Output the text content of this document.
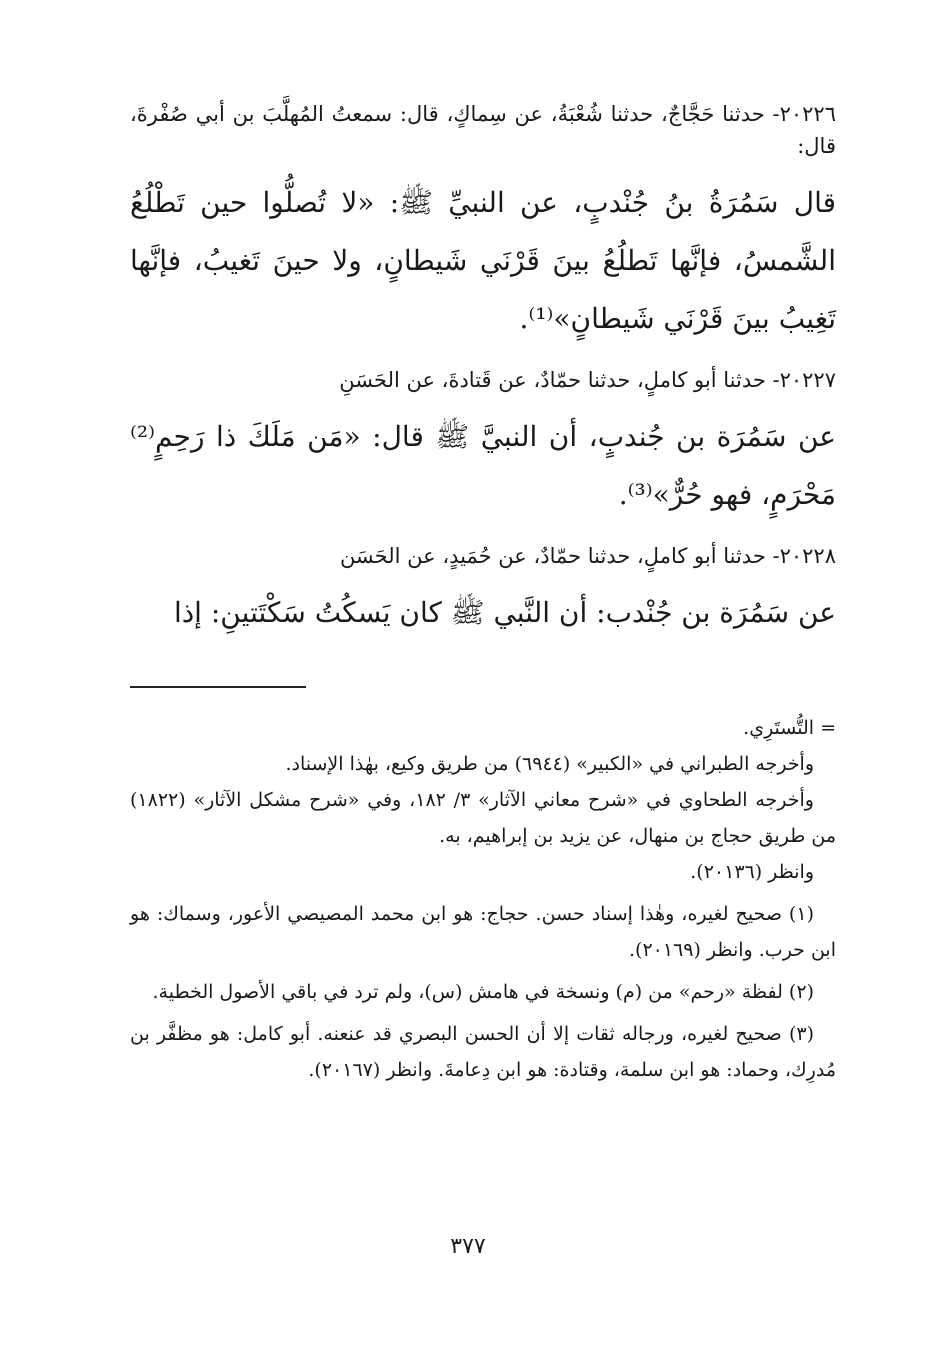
٢٠٢٢٦- حدثنا حَجَّاجٌ، حدثنا شُعْبَةُ، عن سِماكٍ، قال: سمعتُ المُهلَّبَ بن أبي صُفْرةَ، قال:

قال سَمُرَةُ بنُ جُنْدبٍ، عن النبيِّ ﷺ: «لا تُصلُّوا حين تَطْلُعُ الشَّمسُ، فإنَّها تَطلُعُ بينَ قَرْنَي شَيطانٍ، ولا حينَ تَغيبُ، فإنَّها تَغِيبُ بينَ قَرْنَي شَيطانٍ»⁽¹⁾.

٢٠٢٢٧- حدثنا أبو كاملٍ، حدثنا حمّادٌ، عن قَتادةَ، عن الحَسَنِ

عن سَمُرَة بن جُندبٍ، أن النبيَّ ﷺ قال: «مَن مَلَكَ ذا رَحِمٍ⁽²⁾ مَحْرَمٍ، فهو حُرٌّ»⁽³⁾.

٢٠٢٢٨- حدثنا أبو كاملٍ، حدثنا حمّادٌ، عن حُمَيدٍ، عن الحَسَن

عن سَمُرَة بن جُنْدب: أن النَّبي ﷺ كان يَسكُتُ سَكْتَتينِ: إذا

= التُّستَرِي.

وأخرجه الطبراني في «الكبير» (٦٩٤٤) من طريق وكيع، بهٰذا الإسناد.

وأخرجه الطحاوي في «شرح معاني الآثار» ٣/ ١٨٢، وفي «شرح مشكل الآثار» (١٨٢٢) من طريق حجاج بن منهال، عن يزيد بن إبراهيم، به.

وانظر (٢٠١٣٦).

(١) صحيح لغيره، وهٰذا إسناد حسن. حجاج: هو ابن محمد المصيصي الأعور، وسماك: هو ابن حرب. وانظر (٢٠١٦٩).

(٢) لفظة «رحم» من (م) ونسخة في هامش (س)، ولم ترد في باقي الأصول الخطية.

(٣) صحيح لغيره، ورجاله ثقات إلا أن الحسن البصري قد عنعنه. أبو كامل: هو مظفَّر بن مُدرِك، وحماد: هو ابن سلمة، وقتادة: هو ابن دِعامةَ. وانظر (٢٠١٦٧).

٣٧٧
